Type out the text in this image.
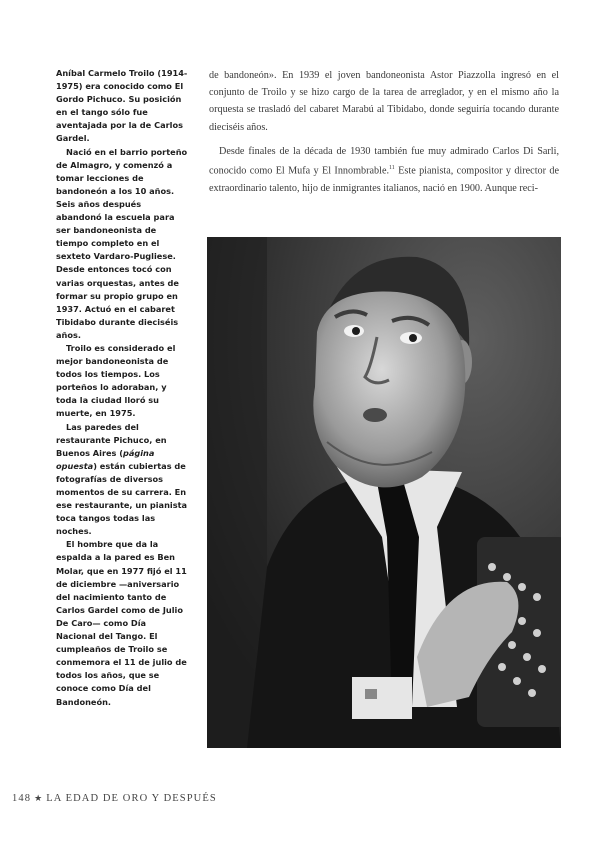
Aníbal Carmelo Troilo (1914-1975) era conocido como El Gordo Pichuco. Su posición en el tango sólo fue aventajada por la de Carlos Gardel.

Nació en el barrio porteño de Almagro, y comenzó a tomar lecciones de bandoneón a los 10 años. Seis años después abandonó la escuela para ser bandoneonista de tiempo completo en el sexteto Vardaro-Pugliese. Desde entonces tocó con varias orquestas, antes de formar su propio grupo en 1937. Actuó en el cabaret Tibidabo durante dieciséis años.

Troilo es considerado el mejor bandoneonista de todos los tiempos. Los porteños lo adoraban, y toda la ciudad lloró su muerte, en 1975.

Las paredes del restaurante Pichuco, en Buenos Aires (página opuesta) están cubiertas de fotografías de diversos momentos de su carrera. En ese restaurante, un pianista toca tangos todas las noches.

El hombre que da la espalda a la pared es Ben Molar, que en 1977 fijó el 11 de diciembre —aniversario del nacimiento tanto de Carlos Gardel como de Julio De Caro— como Día Nacional del Tango. El cumpleaños de Troilo se conmemora el 11 de julio de todos los años, que se conoce como Día del Bandoneón.

de bandoneón». En 1939 el joven bandoneonista Astor Piazzolla ingresó en el conjunto de Troilo y se hizo cargo de la tarea de arreglador, y en el mismo año la orquesta se trasladó del cabaret Marabú al Tibidabo, donde seguiría tocando durante dieciséis años.

Desde finales de la década de 1930 también fue muy admirado Carlos Di Sarli, conocido como El Mufa y El Innombrable.$^{11}$ Este pianista, compositor y director de extraordinario talento, hijo de inmigrantes italianos, nació en 1900. Aunque reci-

148 ★ LA EDAD DE ORO Y DESPUÉS
